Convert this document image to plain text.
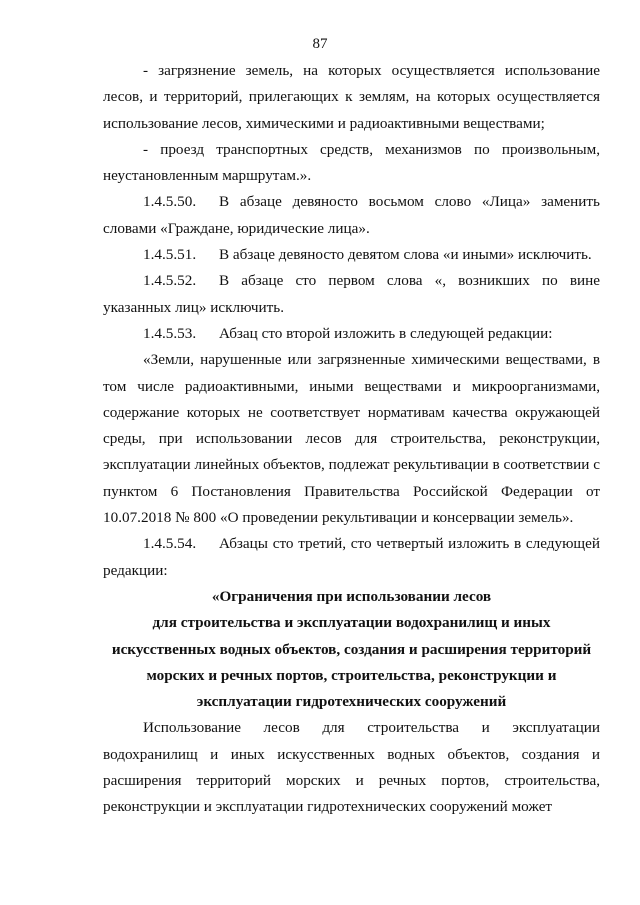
87

- загрязнение земель, на которых осуществляется использование лесов, и территорий, прилегающих к землям, на которых осуществляется использование лесов, химическими и радиоактивными веществами;

- проезд транспортных средств, механизмов по произвольным, неустановленным маршрутам.».

1.4.5.50. В абзаце девяносто восьмом слово «Лица» заменить словами «Граждане, юридические лица».

1.4.5.51. В абзаце девяносто девятом слова «и иными» исключить.

1.4.5.52. В абзаце сто первом слова «, возникших по вине указанных лиц» исключить.

1.4.5.53. Абзац сто второй изложить в следующей редакции:

«Земли, нарушенные или загрязненные химическими веществами, в том числе радиоактивными, иными веществами и микроорганизмами, содержание которых не соответствует нормативам качества окружающей среды, при использовании лесов для строительства, реконструкции, эксплуатации линейных объектов, подлежат рекультивации в соответствии с пунктом 6 Постановления Правительства Российской Федерации от 10.07.2018 № 800 «О проведении рекультивации и консервации земель».

1.4.5.54. Абзацы сто третий, сто четвертый изложить в следующей редакции:

«Ограничения при использовании лесов
для строительства и эксплуатации водохранилищ и иных
искусственных водных объектов, создания и расширения территорий
морских и речных портов, строительства, реконструкции и
эксплуатации гидротехнических сооружений

Использование лесов для строительства и эксплуатации водохранилищ и иных искусственных водных объектов, создания и расширения территорий морских и речных портов, строительства, реконструкции и эксплуатации гидротехнических сооружений может
